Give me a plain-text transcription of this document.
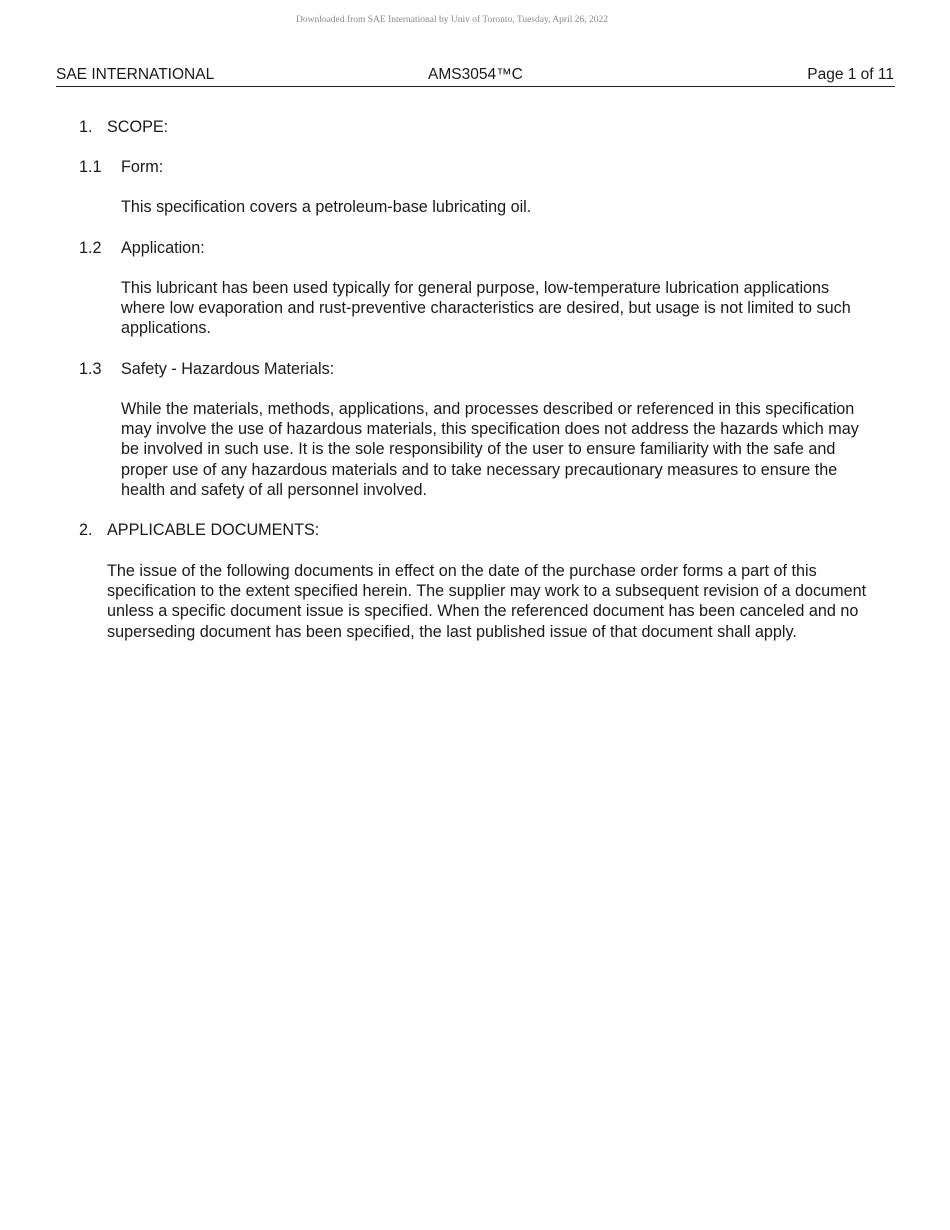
Downloaded from SAE International by Univ of Toronto, Tuesday, April 26, 2022
SAE INTERNATIONAL	AMS3054™C	Page 1 of 11
1. SCOPE:
1.1 Form:

This specification covers a petroleum-base lubricating oil.

1.2 Application:

This lubricant has been used typically for general purpose, low-temperature lubrication applications where low evaporation and rust-preventive characteristics are desired, but usage is not limited to such applications.

1.3 Safety - Hazardous Materials:

While the materials, methods, applications, and processes described or referenced in this specification may involve the use of hazardous materials, this specification does not address the hazards which may be involved in such use. It is the sole responsibility of the user to ensure familiarity with the safe and proper use of any hazardous materials and to take necessary precautionary measures to ensure the health and safety of all personnel involved.

2. APPLICABLE DOCUMENTS:

The issue of the following documents in effect on the date of the purchase order forms a part of this specification to the extent specified herein. The supplier may work to a subsequent revision of a document unless a specific document issue is specified. When the referenced document has been canceled and no superseding document has been specified, the last published issue of that document shall apply.
